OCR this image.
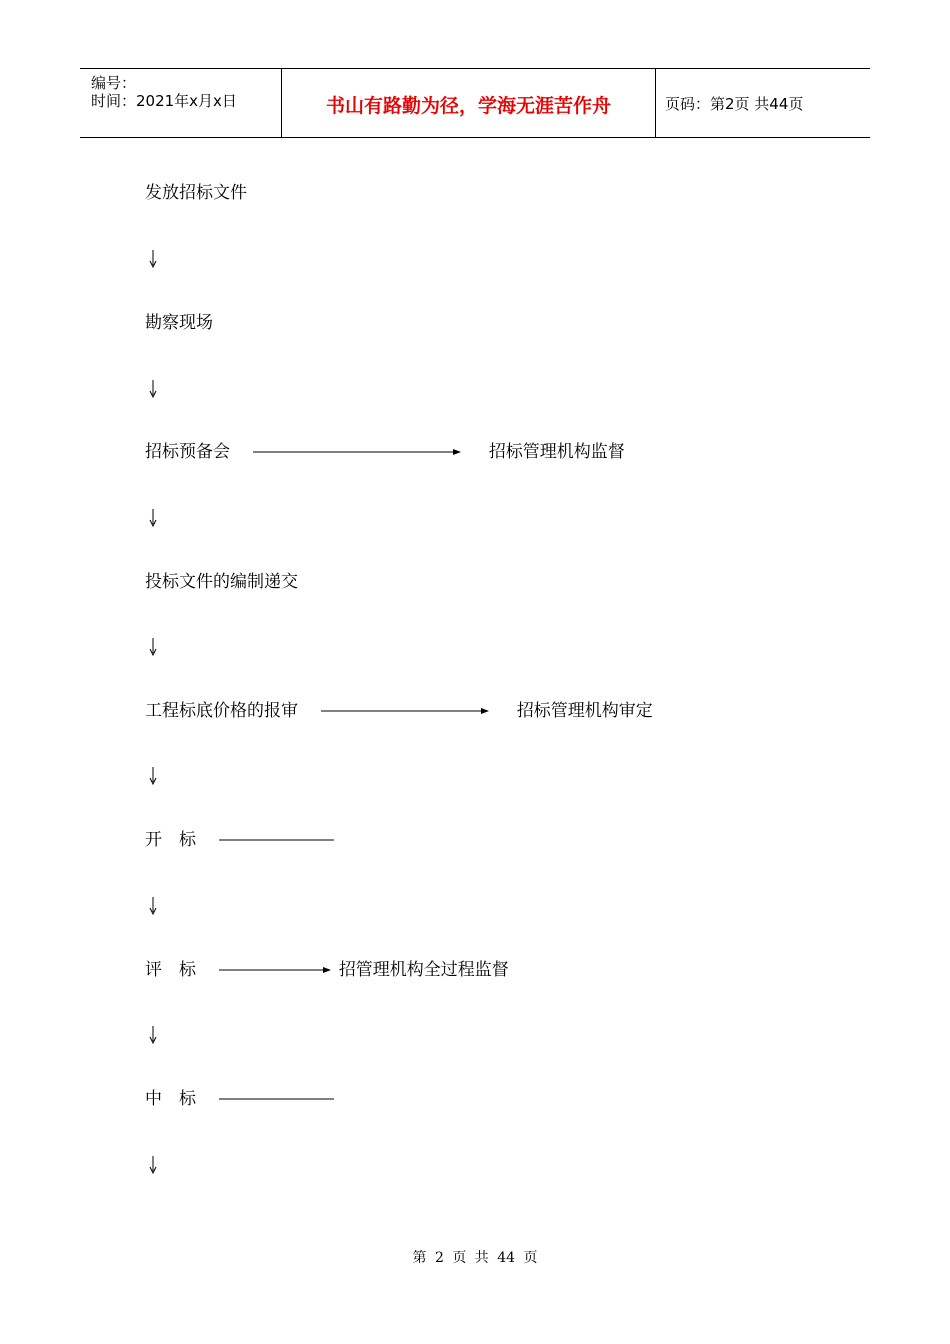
编号：
时间：2021年x月x日	书山有路勤为径，学海无涯苦作舟	页码：第2页 共44页
发放招标文件
勘察现场
招标预备会	招标管理机构监督
投标文件的编制递交
工程标底价格的报审	招标管理机构审定
开　标
评　标	招管理机构全过程监督
中　标
第 2 页 共 44 页
